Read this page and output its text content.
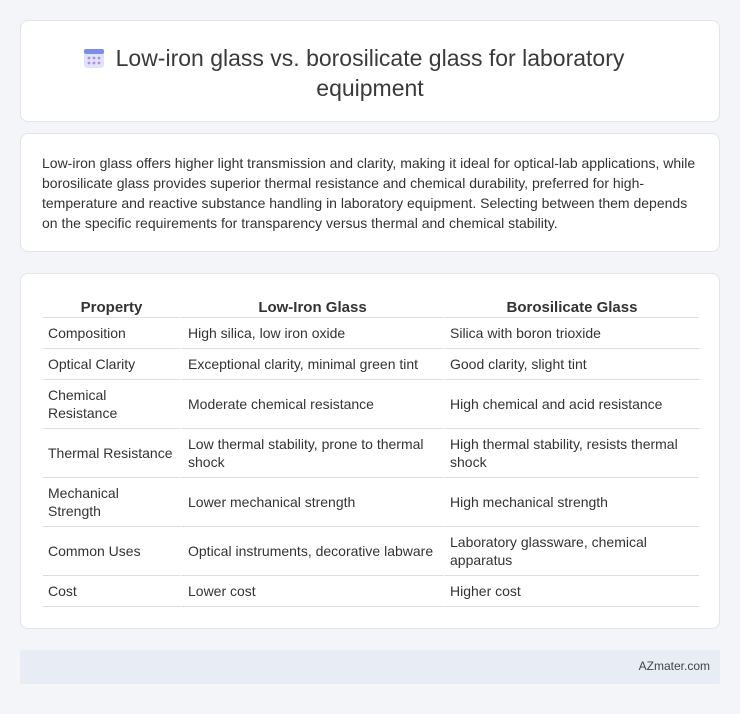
Low-iron glass vs. borosilicate glass for laboratory equipment

Low-iron glass offers higher light transmission and clarity, making it ideal for optical-lab applications, while borosilicate glass provides superior thermal resistance and chemical durability, preferred for high-temperature and reactive substance handling in laboratory equipment. Selecting between them depends on the specific requirements for transparency versus thermal and chemical stability.

Property	Low-Iron Glass	Borosilicate Glass
Composition	High silica, low iron oxide	Silica with boron trioxide
Optical Clarity	Exceptional clarity, minimal green tint	Good clarity, slight tint
Chemical Resistance	Moderate chemical resistance	High chemical and acid resistance
Thermal Resistance	Low thermal stability, prone to thermal shock	High thermal stability, resists thermal shock
Mechanical Strength	Lower mechanical strength	High mechanical strength
Common Uses	Optical instruments, decorative labware	Laboratory glassware, chemical apparatus
Cost	Lower cost	Higher cost
AZmater.com
